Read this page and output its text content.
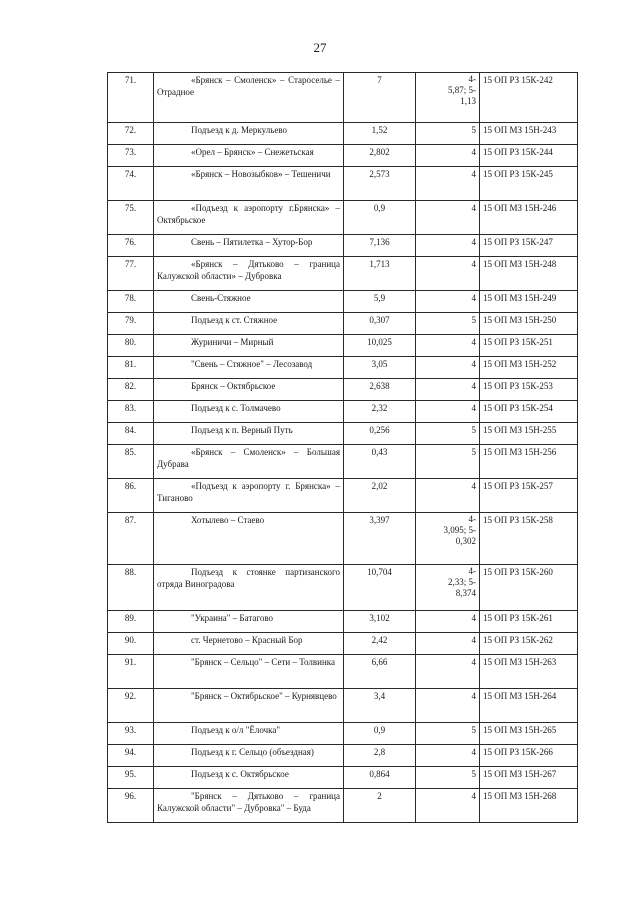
27
71.	«Брянск – Смоленск» – Староселье – Отрадное	7	4-
5,87; 5-
1,13	15 ОП РЗ 15К-242
72.	Подъезд к д. Меркульево	1,52	5	15 ОП МЗ 15Н-243
73.	«Орел – Брянск» – Снежетьская	2,802	4	15 ОП РЗ 15К-244
74.	«Брянск – Новозыбков» – Тешеничи	2,573	4	15 ОП РЗ 15К-245
75.	«Подъезд к аэропорту г.Брянска» – Октябрьское	0,9	4	15 ОП МЗ 15Н-246
76.	Свень – Пятилетка – Хутор-Бор	7,136	4	15 ОП РЗ 15К-247
77.	«Брянск – Дятьково – граница Калужской области» – Дубровка	1,713	4	15 ОП МЗ 15Н-248
78.	Свень-Стяжное	5,9	4	15 ОП МЗ 15Н-249
79.	Подъезд к ст. Стяжное	0,307	5	15 ОП МЗ 15Н-250
80.	Журиничи – Мирный	10,025	4	15 ОП РЗ 15К-251
81.	"Свень – Стяжное" – Лесозавод	3,05	4	15 ОП МЗ 15Н-252
82.	Брянск – Октябрьское	2,638	4	15 ОП РЗ 15К-253
83.	Подъезд к с. Толмачево	2,32	4	15 ОП РЗ 15К-254
84.	Подъезд к п. Верный Путь	0,256	5	15 ОП МЗ 15Н-255
85.	«Брянск – Смоленск» – Большая Дубрава	0,43	5	15 ОП МЗ 15Н-256
86.	«Подъезд к аэропорту г. Брянска» – Тиганово	2,02	4	15 ОП РЗ 15К-257
87.	Хотылево – Стаево	3,397	4-
3,095; 5-
0,302	15 ОП РЗ 15К-258
88.	Подъезд к стоянке партизанского отряда Виноградова	10,704	4-
2,33; 5-
8,374	15 ОП РЗ 15К-260
89.	"Украина" – Батагово	3,102	4	15 ОП РЗ 15К-261
90.	ст. Чернетово – Красный Бор	2,42	4	15 ОП РЗ 15К-262
91.	"Брянск – Сельцо" – Сети – Толвинка	6,66	4	15 ОП МЗ 15Н-263
92.	"Брянск – Октябрьское" – Курнявцево	3,4	4	15 ОП МЗ 15Н-264
93.	Подъезд к о/л "Ёлочка"	0,9	5	15 ОП МЗ 15Н-265
94.	Подъезд к г. Сельцо (объездная)	2,8	4	15 ОП РЗ 15К-266
95.	Подъезд к с. Октябрьское	0,864	5	15 ОП МЗ 15Н-267
96.	"Брянск – Дятьково – граница Калужской области" – Дубровка" – Буда	2	4	15 ОП МЗ 15Н-268
